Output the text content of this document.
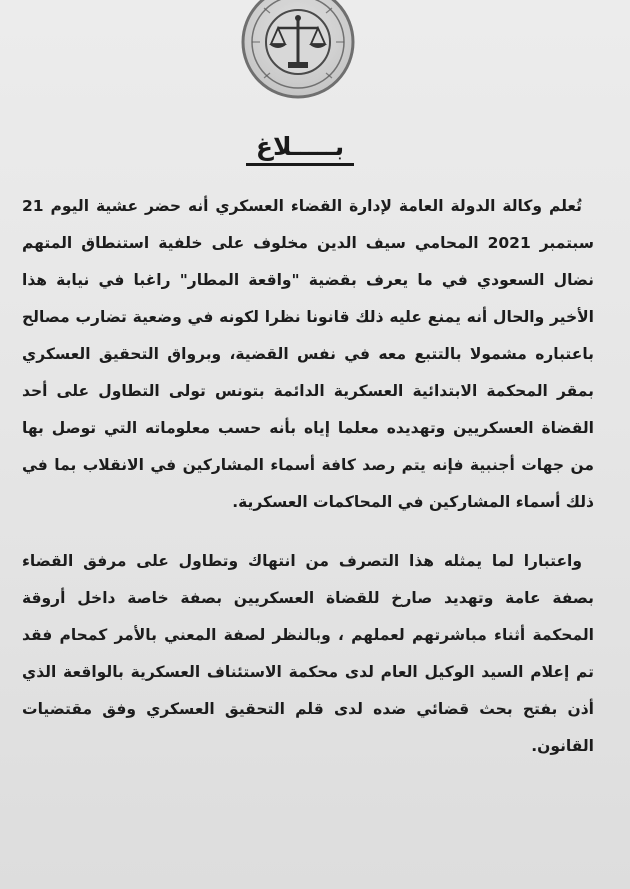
بـــــلاغ

تُعلم وكالة الدولة العامة لإدارة القضاء العسكري أنه حضر عشية اليوم 21 سبتمبر 2021 المحامي سيف الدين مخلوف على خلفية استنطاق المتهم نضال السعودي في ما يعرف بقضية "واقعة المطار" راغبا في نيابة هذا الأخير والحال أنه يمنع عليه ذلك قانونا نظرا لكونه في وضعية تضارب مصالح باعتباره مشمولا بالتتبع معه في نفس القضية، وبرواق التحقيق العسكري بمقر المحكمة الابتدائية العسكرية الدائمة بتونس تولى التطاول على أحد القضاة العسكريين وتهديده معلما إياه بأنه حسب معلوماته التي توصل بها من جهات أجنبية فإنه يتم رصد كافة أسماء المشاركين في الانقلاب بما في ذلك أسماء المشاركين في المحاكمات العسكرية.

واعتبارا لما يمثله هذا التصرف من انتهاك وتطاول على مرفق القضاء بصفة عامة وتهديد صارخ للقضاة العسكريين بصفة خاصة داخل أروقة المحكمة أثناء مباشرتهم لعملهم ، وبالنظر لصفة المعني بالأمر كمحام فقد تم إعلام السيد الوكيل العام لدى محكمة الاستئناف العسكرية بالواقعة الذي أذن بفتح بحث قضائي ضده لدى قلم التحقيق العسكري وفق مقتضيات القانون.
